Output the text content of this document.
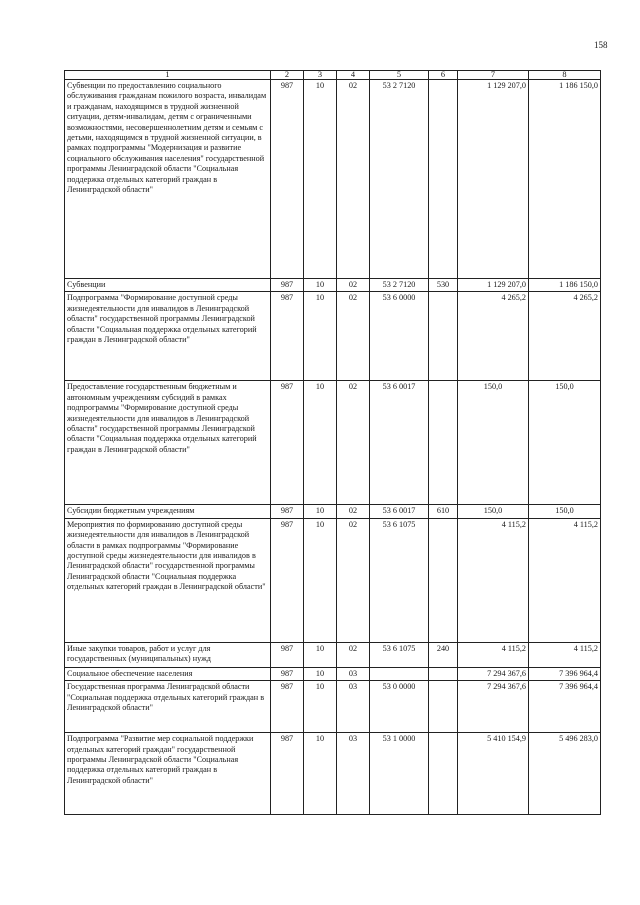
158
1	2	3	4	5	6	7	8
Субвенции по предоставлению социального обслуживания гражданам пожилого возраста, инвалидам и гражданам, находящимся в трудной жизненной ситуации, детям-инвалидам, детям с ограниченными возможностями, несовершеннолетним детям и семьям с детьми, находящимся в трудной жизненной ситуации, в рамках подпрограммы "Модернизация и развитие социального обслуживания населения" государственной программы Ленинградской области "Социальная поддержка отдельных категорий граждан в Ленинградской области"	987	10	02	53 2 7120		1 129 207,0	1 186 150,0
Субвенции	987	10	02	53 2 7120	530	1 129 207,0	1 186 150,0
Подпрограмма "Формирование доступной среды жизнедеятельности для инвалидов в Ленинградской области" государственной программы Ленинградской области "Социальная поддержка отдельных категорий граждан в Ленинградской области"	987	10	02	53 6 0000		4 265,2	4 265,2
Предоставление государственным бюджетным и автономным учреждениям субсидий в рамках подпрограммы "Формирование доступной среды жизнедеятельности для инвалидов в Ленинградской области" государственной программы Ленинградской области "Социальная поддержка отдельных категорий граждан в Ленинградской области"	987	10	02	53 6 0017		150,0	150,0
Субсидии бюджетным учреждениям	987	10	02	53 6 0017	610	150,0	150,0
Мероприятия по формированию доступной среды жизнедеятельности для инвалидов в Ленинградской области в рамках подпрограммы "Формирование доступной среды жизнедеятельности для инвалидов в Ленинградской области" государственной программы Ленинградской области "Социальная поддержка отдельных категорий граждан в Ленинградской области"	987	10	02	53 6 1075		4 115,2	4 115,2
Иные закупки товаров, работ и услуг для государственных (муниципальных) нужд	987	10	02	53 6 1075	240	4 115,2	4 115,2
Социальное обеспечение населения	987	10	03			7 294 367,6	7 396 964,4
Государственная программа Ленинградской области "Социальная поддержка отдельных категорий граждан в Ленинградской области"	987	10	03	53 0 0000		7 294 367,6	7 396 964,4
Подпрограмма "Развитие мер социальной поддержки отдельных категорий граждан" государственной программы Ленинградской области "Социальная поддержка отдельных категорий граждан в Ленинградской области"	987	10	03	53 1 0000		5 410 154,9	5 496 283,0
